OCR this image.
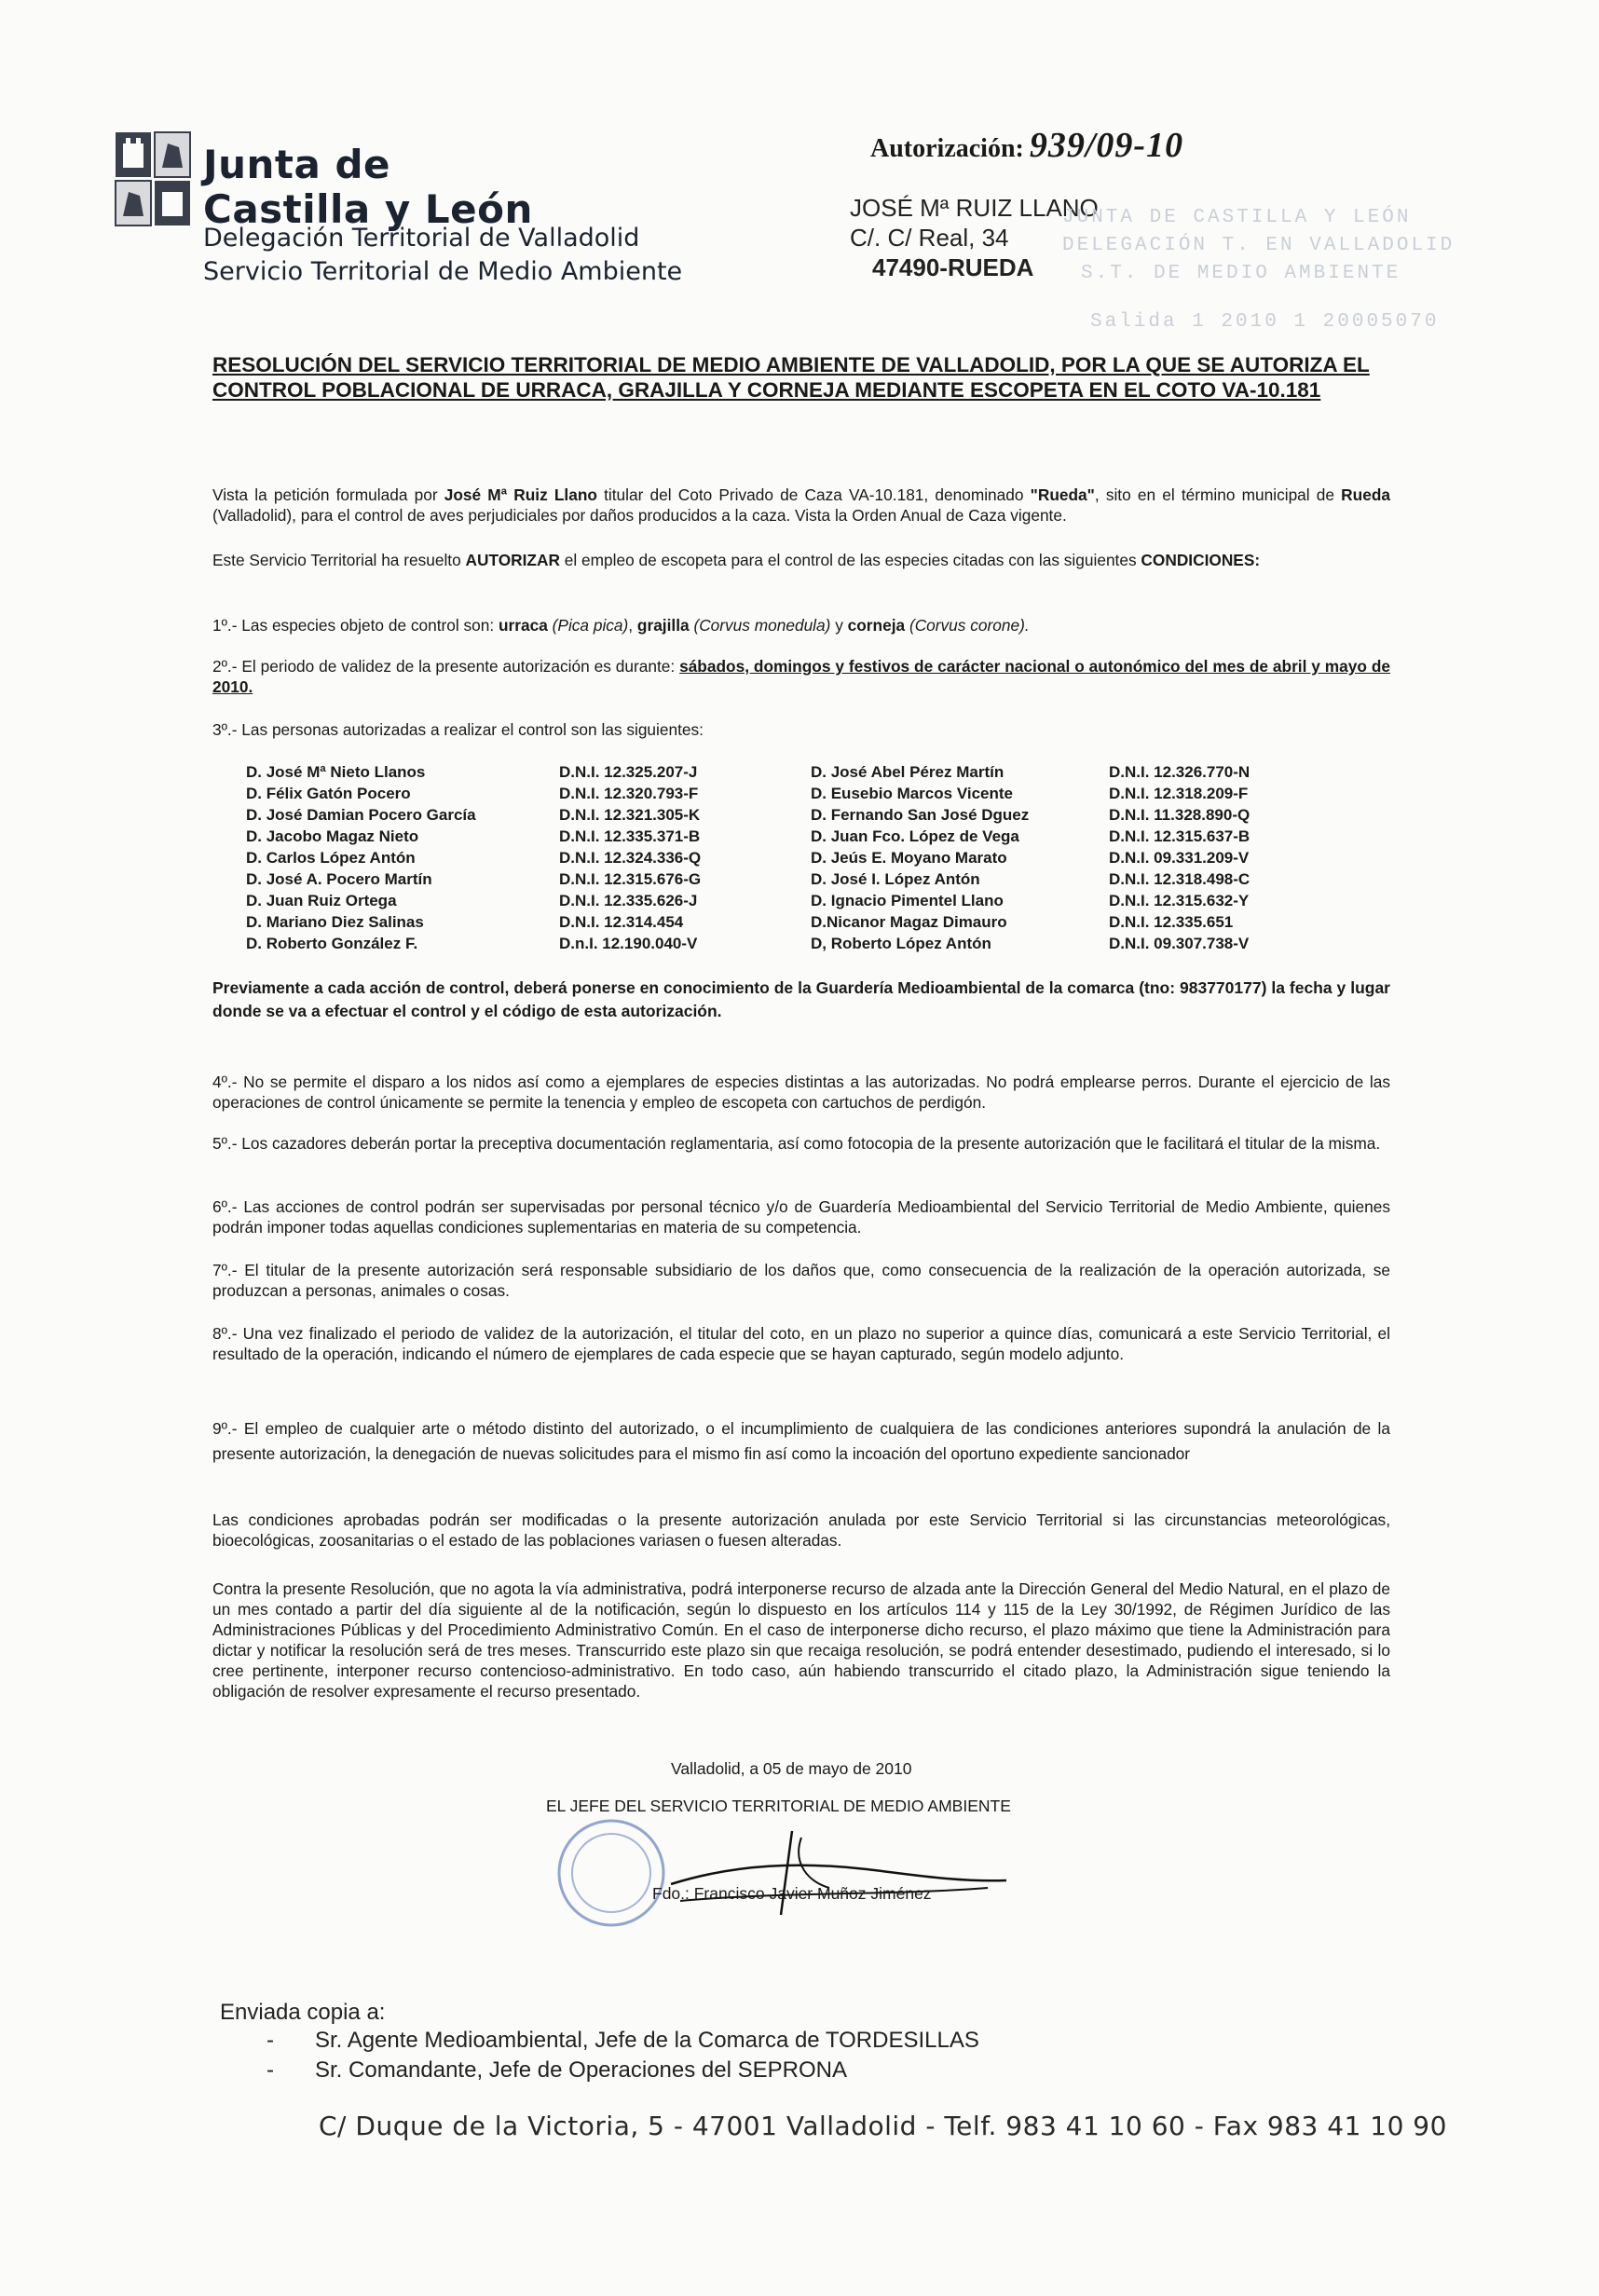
Junta de
Castilla y León
Delegación Territorial de Valladolid
Servicio Territorial de Medio Ambiente
Autorización: 939/09-10
JOSÉ Mª RUIZ LLANO
C/. C/ Real, 34
47490-RUEDA
JUNTA DE CASTILLA Y LEÓN
DELEGACIÓN T. EN VALLADOLID
S.T. DE MEDIO AMBIENTE
Salida 1 2010 1 20005070
RESOLUCIÓN DEL SERVICIO TERRITORIAL DE MEDIO AMBIENTE DE VALLADOLID, POR LA QUE SE AUTORIZA EL CONTROL POBLACIONAL DE URRACA, GRAJILLA Y CORNEJA MEDIANTE ESCOPETA EN EL COTO VA-10.181
Vista la petición formulada por José Mª Ruiz Llano titular del Coto Privado de Caza VA-10.181, denominado "Rueda", sito en el término municipal de Rueda (Valladolid), para el control de aves perjudiciales por daños producidos a la caza. Vista la Orden Anual de Caza vigente.
Este Servicio Territorial ha resuelto AUTORIZAR el empleo de escopeta para el control de las especies citadas con las siguientes CONDICIONES:
1º.- Las especies objeto de control son: urraca (Pica pica), grajilla (Corvus monedula) y corneja (Corvus corone).
2º.- El periodo de validez de la presente autorización es durante: sábados, domingos y festivos de carácter nacional o autonómico del mes de abril y mayo de 2010.
3º.- Las personas autorizadas a realizar el control son las siguientes:
D. José Mª Nieto Llanos
D. Félix Gatón Pocero
D. José Damian Pocero García
D. Jacobo Magaz Nieto
D. Carlos López Antón
D. José A. Pocero Martín
D. Juan Ruiz Ortega
D. Mariano Diez Salinas
D. Roberto González F.
D.N.I. 12.325.207-J
D.N.I. 12.320.793-F
D.N.I. 12.321.305-K
D.N.I. 12.335.371-B
D.N.I. 12.324.336-Q
D.N.I. 12.315.676-G
D.N.I. 12.335.626-J
D.N.I. 12.314.454
D.n.I. 12.190.040-V
D. José Abel Pérez Martín
D. Eusebio Marcos Vicente
D. Fernando San José Dguez
D. Juan Fco. López de Vega
D. Jeús E. Moyano Marato
D. José I. López Antón
D. Ignacio Pimentel Llano
D.Nicanor Magaz Dimauro
D, Roberto López Antón
D.N.I. 12.326.770-N
D.N.I. 12.318.209-F
D.N.I. 11.328.890-Q
D.N.I. 12.315.637-B
D.N.I. 09.331.209-V
D.N.I. 12.318.498-C
D.N.I. 12.315.632-Y
D.N.I. 12.335.651
D.N.I. 09.307.738-V
Previamente a cada acción de control, deberá ponerse en conocimiento de la Guardería Medioambiental de la comarca (tno: 983770177) la fecha y lugar donde se va a efectuar el control y el código de esta autorización.
4º.- No se permite el disparo a los nidos así como a ejemplares de especies distintas a las autorizadas. No podrá emplearse perros. Durante el ejercicio de las operaciones de control únicamente se permite la tenencia y empleo de escopeta con cartuchos de perdigón.
5º.- Los cazadores deberán portar la preceptiva documentación reglamentaria, así como fotocopia de la presente autorización que le facilitará el titular de la misma.
6º.- Las acciones de control podrán ser supervisadas por personal técnico y/o de Guardería Medioambiental del Servicio Territorial de Medio Ambiente, quienes podrán imponer todas aquellas condiciones suplementarias en materia de su competencia.
7º.- El titular de la presente autorización será responsable subsidiario de los daños que, como consecuencia de la realización de la operación autorizada, se produzcan a personas, animales o cosas.
8º.- Una vez finalizado el periodo de validez de la autorización, el titular del coto, en un plazo no superior a quince días, comunicará a este Servicio Territorial, el resultado de la operación, indicando el número de ejemplares de cada especie que se hayan capturado, según modelo adjunto.
9º.- El empleo de cualquier arte o método distinto del autorizado, o el incumplimiento de cualquiera de las condiciones anteriores supondrá la anulación de la presente autorización, la denegación de nuevas solicitudes para el mismo fin así como la incoación del oportuno expediente sancionador
Las condiciones aprobadas podrán ser modificadas o la presente autorización anulada por este Servicio Territorial si las circunstancias meteorológicas, bioecológicas, zoosanitarias o el estado de las poblaciones variasen o fuesen alteradas.
Contra la presente Resolución, que no agota la vía administrativa, podrá interponerse recurso de alzada ante la Dirección General del Medio Natural, en el plazo de un mes contado a partir del día siguiente al de la notificación, según lo dispuesto en los artículos 114 y 115 de la Ley 30/1992, de Régimen Jurídico de las Administraciones Públicas y del Procedimiento Administrativo Común. En el caso de interponerse dicho recurso, el plazo máximo que tiene la Administración para dictar y notificar la resolución será de tres meses. Transcurrido este plazo sin que recaiga resolución, se podrá entender desestimado, pudiendo el interesado, si lo cree pertinente, interponer recurso contencioso-administrativo. En todo caso, aún habiendo transcurrido el citado plazo, la Administración sigue teniendo la obligación de resolver expresamente el recurso presentado.
Valladolid, a 05 de mayo de 2010
EL JEFE DEL SERVICIO TERRITORIAL DE MEDIO AMBIENTE
Fdo.: Francisco Javier Muñoz Jiménez
Enviada copia a:
- Sr. Agente Medioambiental, Jefe de la Comarca de TORDESILLAS
- Sr. Comandante, Jefe de Operaciones del SEPRONA
C/ Duque de la Victoria, 5 - 47001 Valladolid - Telf. 983 41 10 60 - Fax 983 41 10 90
